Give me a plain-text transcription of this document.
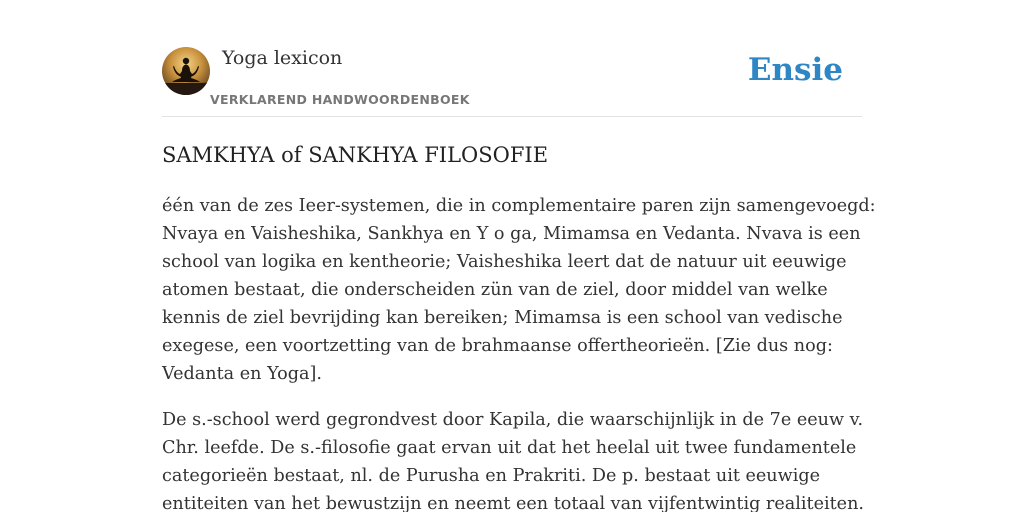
Yoga lexicon
VERKLAREND HANDWOORDENBOEK
Ensie
SAMKHYA of SANKHYA FILOSOFIE

één van de zes Ieer-systemen, die in complementaire paren zijn samengevoegd:
Nvaya en Vaisheshika, Sankhya en Y o ga, Mimamsa en Vedanta. Nvava is een
school van logika en kentheorie; Vaisheshika leert dat de natuur uit eeuwige
atomen bestaat, die onderscheiden zün van de ziel, door middel van welke
kennis de ziel bevrijding kan bereiken; Mimamsa is een school van vedische
exegese, een voortzetting van de brahmaanse offertheorieën. [Zie dus nog:
Vedanta en Yoga].

De s.-school werd gegrondvest door Kapila, die waarschijnlijk in de 7e eeuw v.
Chr. leefde. De s.-filosofie gaat ervan uit dat het heelal uit twee fundamentele
categorieën bestaat, nl. de Purusha en Prakriti. De p. bestaat uit eeuwige
entiteiten van het bewustzijn en neemt een totaal van vijfentwintig realiteiten.
